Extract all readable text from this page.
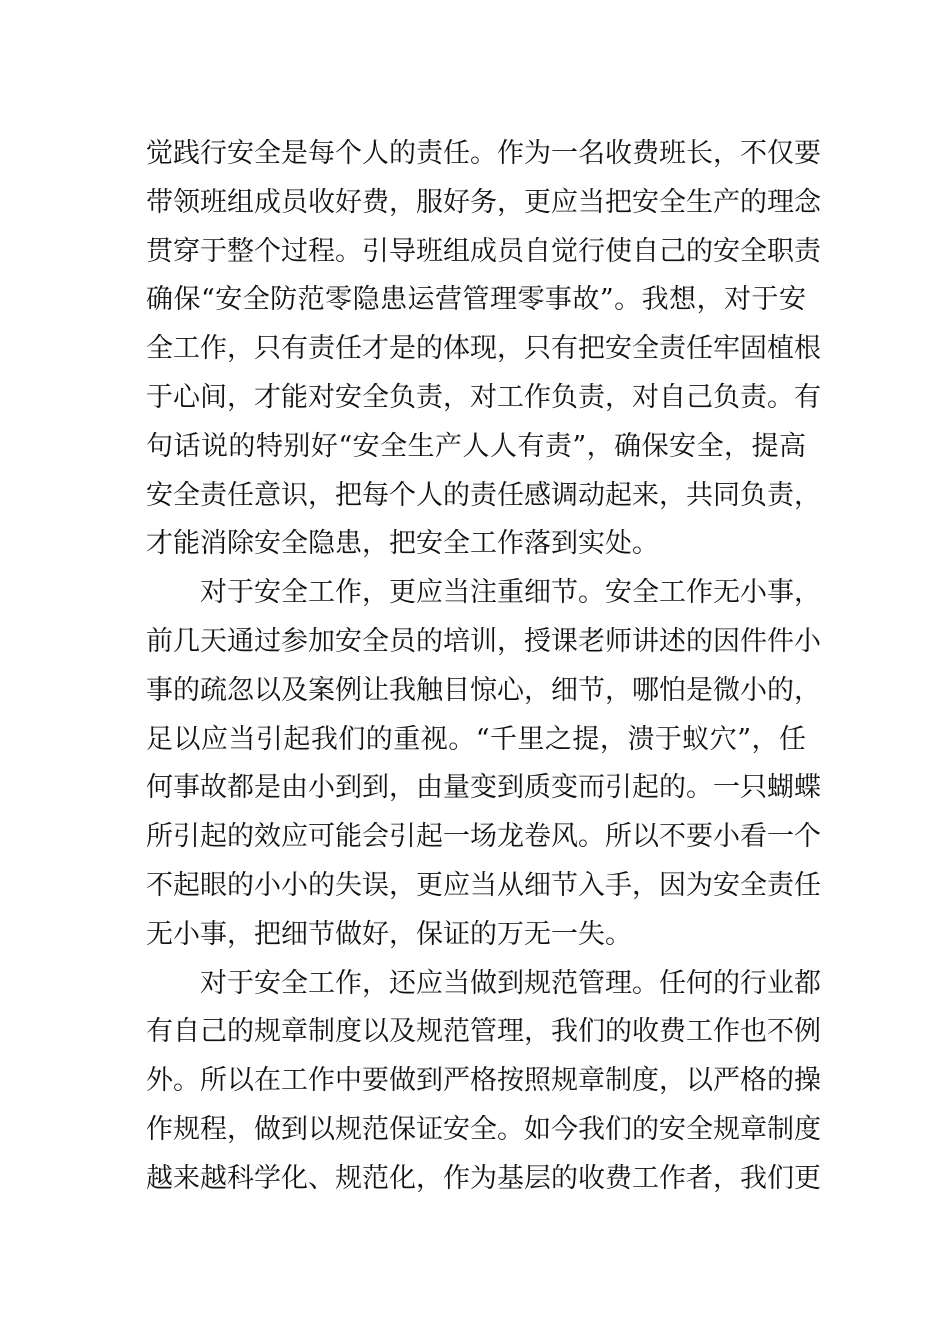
觉践行安全是每个人的责任。作为一名收费班长，不仅要
带领班组成员收好费，服好务，更应当把安全生产的理念
贯穿于整个过程。引导班组成员自觉行使自己的安全职责
确保“安全防范零隐患运营管理零事故”。我想，对于安
全工作，只有责任才是的体现，只有把安全责任牢固植根
于心间，才能对安全负责，对工作负责，对自己负责。有
句话说的特别好“安全生产人人有责”，确保安全，提高
安全责任意识，把每个人的责任感调动起来，共同负责，
才能消除安全隐患，把安全工作落到实处。
对于安全工作，更应当注重细节。安全工作无小事，
前几天通过参加安全员的培训，授课老师讲述的因件件小
事的疏忽以及案例让我触目惊心，细节，哪怕是微小的，
足以应当引起我们的重视。“千里之提，溃于蚁穴”，任
何事故都是由小到到，由量变到质变而引起的。一只蝴蝶
所引起的效应可能会引起一场龙卷风。所以不要小看一个
不起眼的小小的失误，更应当从细节入手，因为安全责任
无小事，把细节做好，保证的万无一失。
对于安全工作，还应当做到规范管理。任何的行业都
有自己的规章制度以及规范管理，我们的收费工作也不例
外。所以在工作中要做到严格按照规章制度，以严格的操
作规程，做到以规范保证安全。如今我们的安全规章制度
越来越科学化、规范化，作为基层的收费工作者，我们更
